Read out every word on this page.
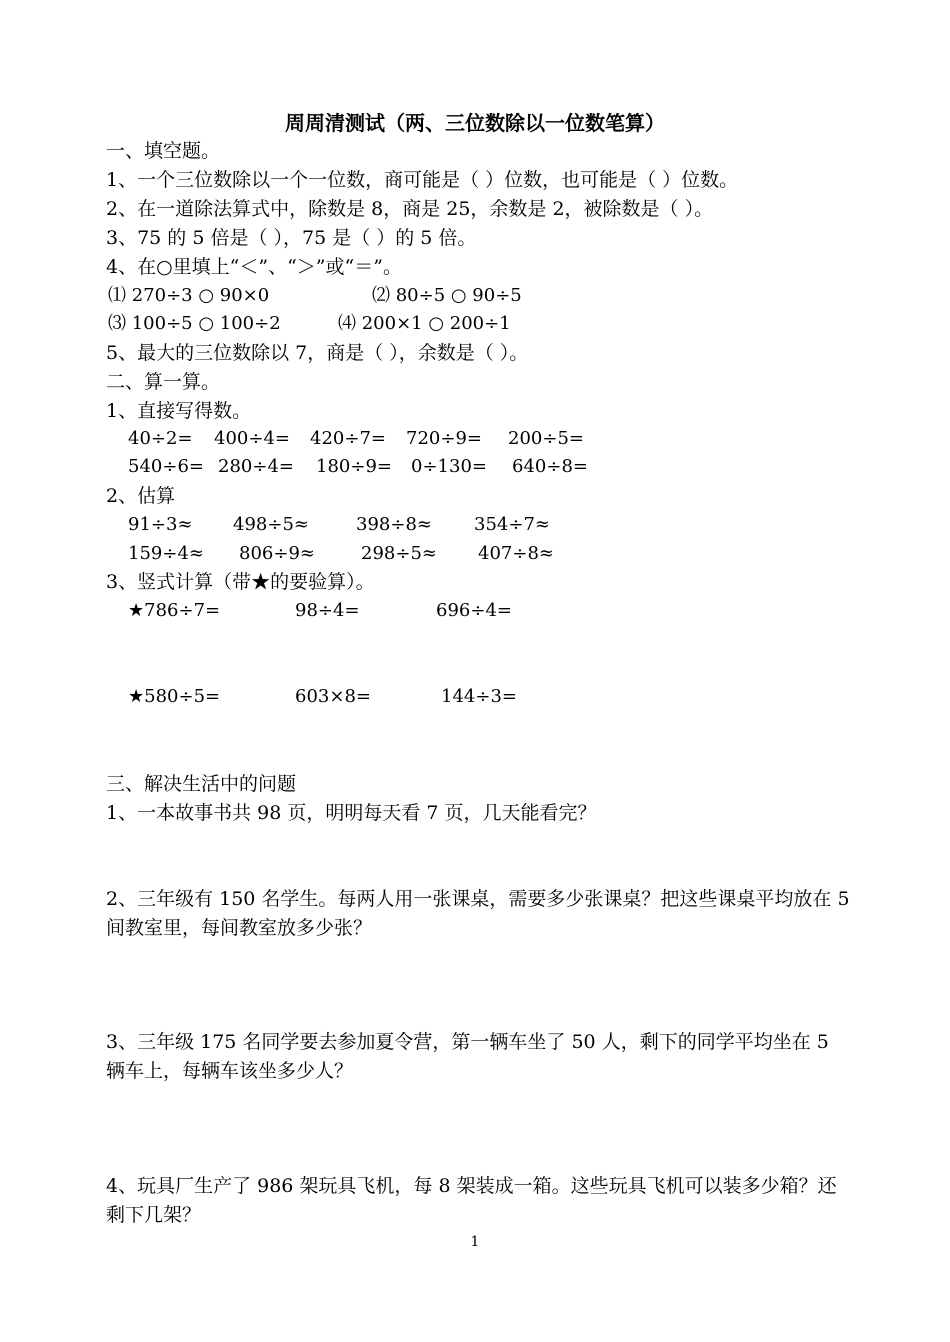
周周清测试（两、三位数除以一位数笔算）
一、填空题。
1、一个三位数除以一个一位数，商可能是（ ）位数，也可能是（ ）位数。
2、在一道除法算式中，除数是 8，商是 25，余数是 2，被除数是（ ）。
3、75 的 5 倍是（ ），75 是（ ）的 5 倍。
4、在○里填上“＜”、“＞”或“＝”。
⑴ 270÷3 ○ 90×0	⑵ 80÷5 ○ 90÷5
⑶ 100÷5 ○ 100÷2	⑷ 200×1 ○ 200÷1
5、最大的三位数除以 7，商是（ ），余数是（ ）。
二、算一算。
1、直接写得数。
40÷2= 400÷4= 420÷7= 720÷9= 200÷5=
540÷6= 280÷4= 180÷9= 0÷130= 640÷8=
2、估算
91÷3≈ 498÷5≈	398÷8≈ 354÷7≈
159÷4≈ 806÷9≈	298÷5≈ 407÷8≈
3、竖式计算（带★的要验算）。
★786÷7=	98÷4=	696÷4=
★580÷5=	603×8=	144÷3=
三、解决生活中的问题
1、一本故事书共 98 页，明明每天看 7 页，几天能看完？
2、三年级有 150 名学生。每两人用一张课桌，需要多少张课桌？把这些课桌平均放在 5 间教室里，每间教室放多少张？
3、三年级 175 名同学要去参加夏令营，第一辆车坐了 50 人，剩下的同学平均坐在 5 辆车上，每辆车该坐多少人？
4、玩具厂生产了 986 架玩具飞机，每 8 架装成一箱。这些玩具飞机可以装多少箱？还剩下几架？
1
